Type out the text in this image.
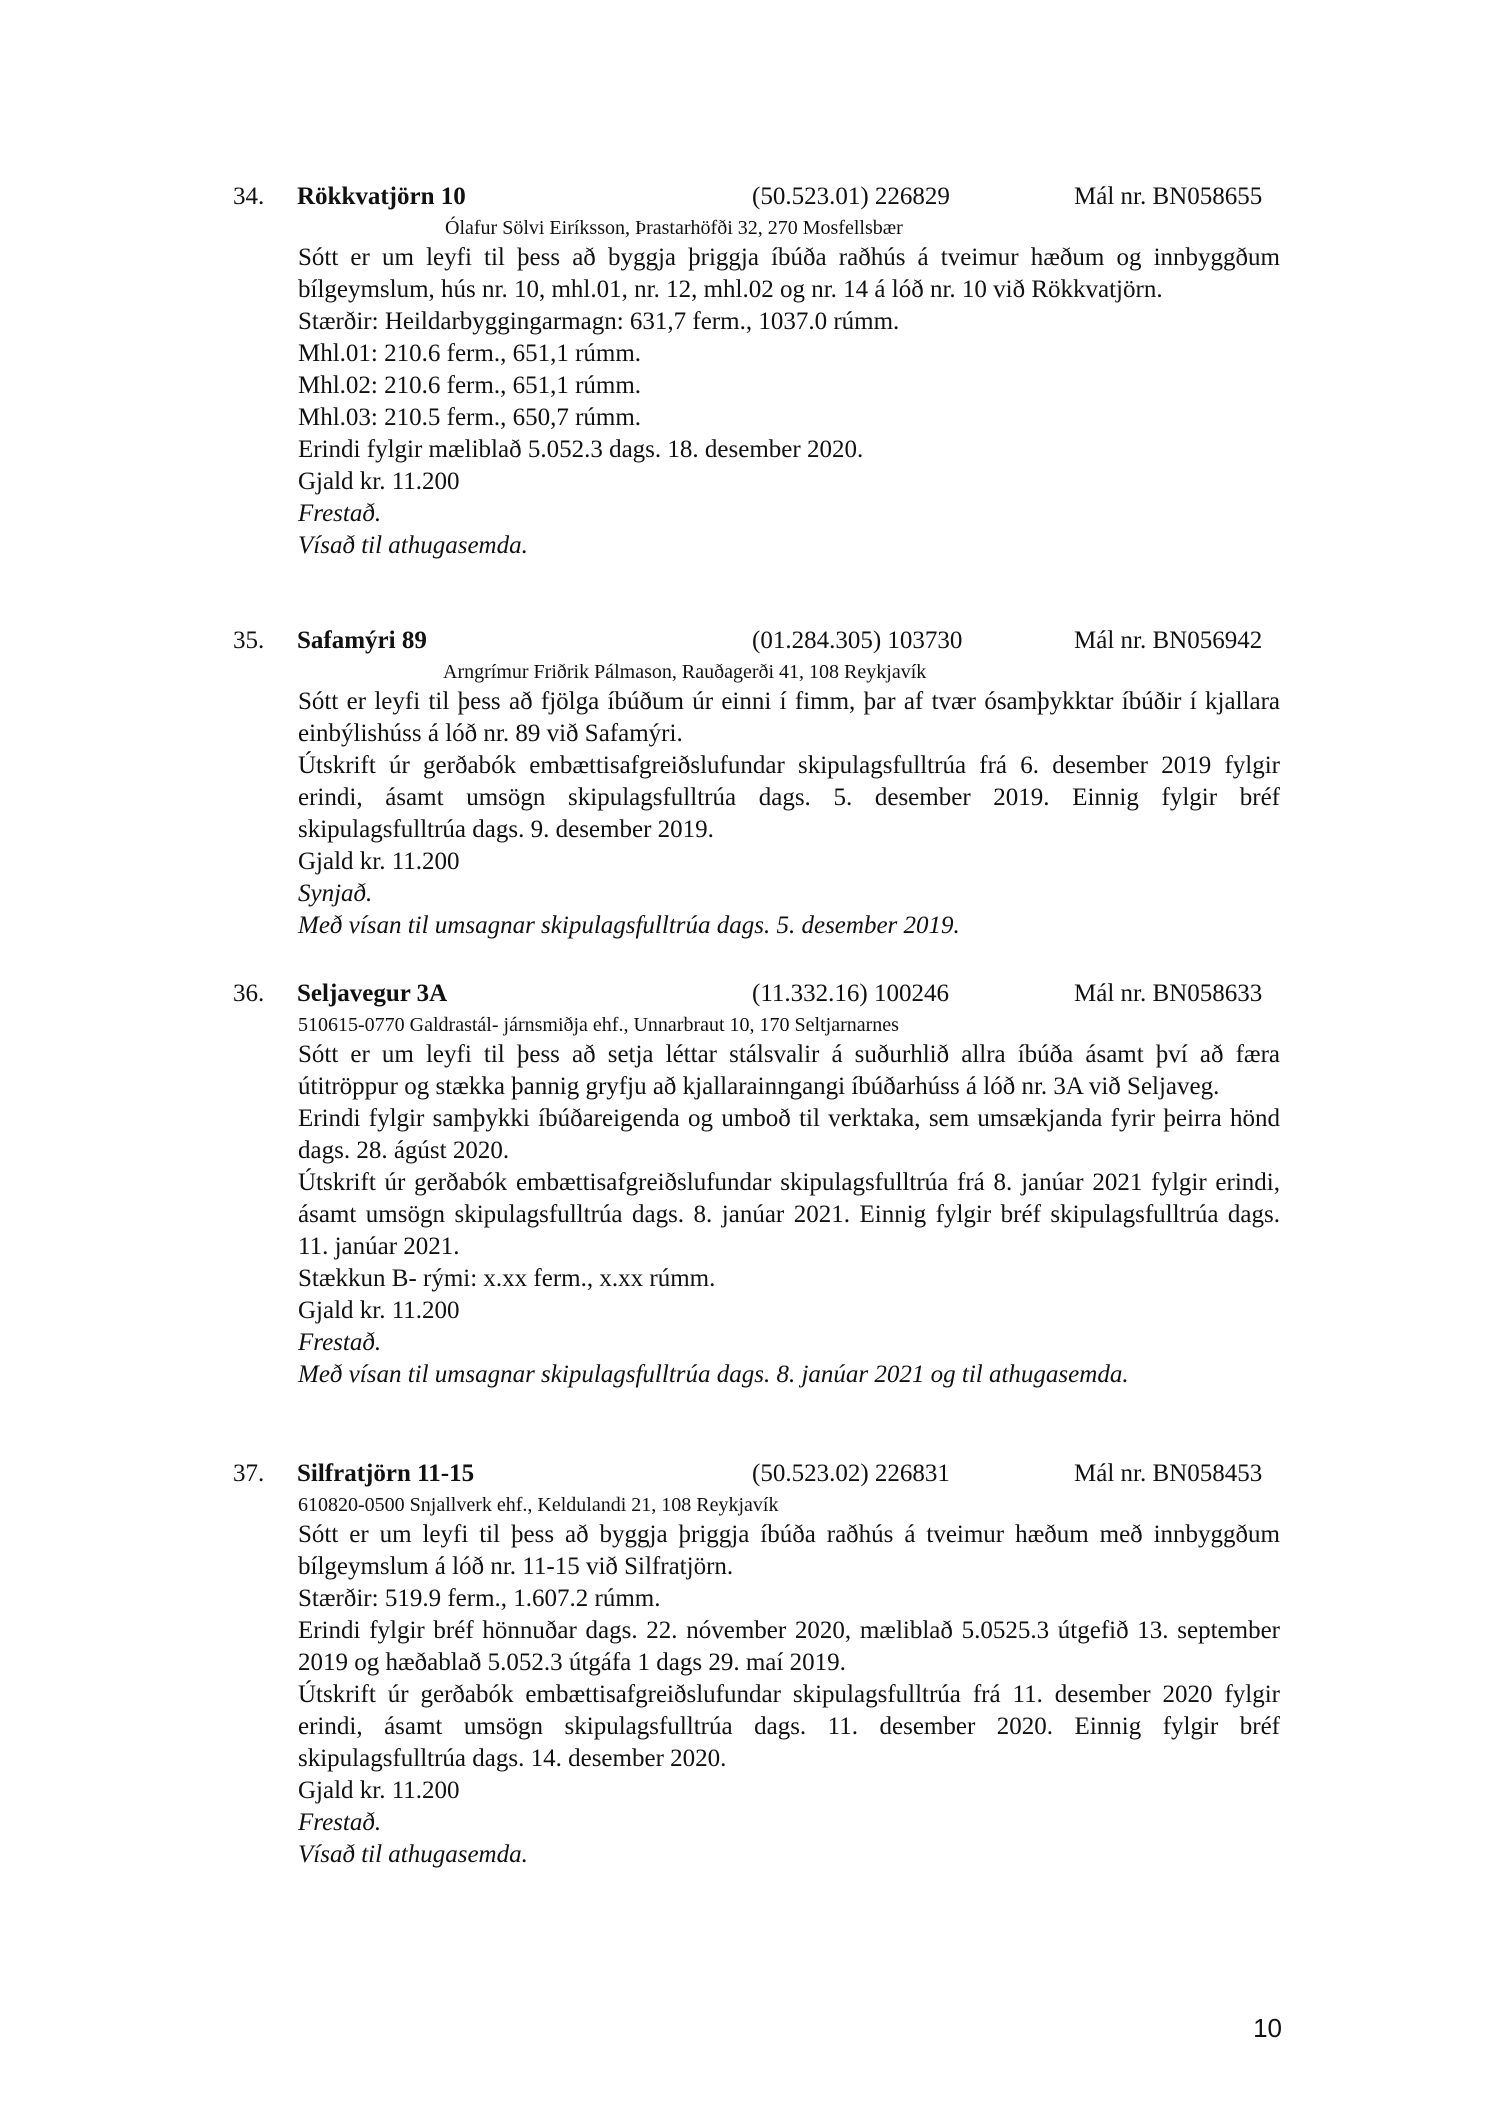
34. Rökkvatjörn 10	(50.523.01) 226829	Mál nr. BN058655
Ólafur Sölvi Eiríksson, Þrastarhöfði 32, 270 Mosfellsbær

Sótt er um leyfi til þess að byggja þriggja íbúða raðhús á tveimur hæðum og innbyggðum bílgeymslum, hús nr. 10, mhl.01, nr. 12, mhl.02 og nr. 14 á lóð nr. 10 við Rökkvatjörn.

Stærðir: Heildarbyggingarmagn: 631,7 ferm., 1037.0 rúmm.

Mhl.01: 210.6 ferm., 651,1 rúmm.

Mhl.02: 210.6 ferm., 651,1 rúmm.

Mhl.03: 210.5 ferm., 650,7 rúmm.

Erindi fylgir mæliblað 5.052.3 dags. 18. desember 2020.

Gjald kr. 11.200

Frestað.

Vísað til athugasemda.

35. Safamýri 89	(01.284.305) 103730	Mál nr. BN056942
Arngrímur Friðrik Pálmason, Rauðagerði 41, 108 Reykjavík

Sótt er leyfi til þess að fjölga íbúðum úr einni í fimm, þar af tvær ósamþykktar íbúðir í kjallara einbýlishúss á lóð nr. 89 við Safamýri.

Útskrift úr gerðabók embættisafgreiðslufundar skipulagsfulltrúa frá 6. desember 2019 fylgir erindi, ásamt umsögn skipulagsfulltrúa dags. 5. desember 2019. Einnig fylgir bréf skipulagsfulltrúa dags. 9. desember 2019.

Gjald kr. 11.200

Synjað.

Með vísan til umsagnar skipulagsfulltrúa dags. 5. desember 2019.

36. Seljavegur 3A	(11.332.16) 100246	Mál nr. BN058633
510615-0770 Galdrastál- járnsmiðja ehf., Unnarbraut 10, 170 Seltjarnarnes

Sótt er um leyfi til þess að setja léttar stálsvalir á suðurhlið allra íbúða ásamt því að færa útitröppur og stækka þannig gryfju að kjallarainngangi íbúðarhúss á lóð nr. 3A við Seljaveg.

Erindi fylgir samþykki íbúðareigenda og umboð til verktaka, sem umsækjanda fyrir þeirra hönd dags. 28. ágúst 2020.

Útskrift úr gerðabók embættisafgreiðslufundar skipulagsfulltrúa frá 8. janúar 2021 fylgir erindi, ásamt umsögn skipulagsfulltrúa dags. 8. janúar 2021. Einnig fylgir bréf skipulagsfulltrúa dags. 11. janúar 2021.

Stækkun B- rými: x.xx ferm., x.xx rúmm.

Gjald kr. 11.200

Frestað.

Með vísan til umsagnar skipulagsfulltrúa dags. 8. janúar 2021 og til athugasemda.

37. Silfratjörn 11-15	(50.523.02) 226831	Mál nr. BN058453
610820-0500 Snjallverk ehf., Keldulandi 21, 108 Reykjavík

Sótt er um leyfi til þess að byggja þriggja íbúða raðhús á tveimur hæðum með innbyggðum bílgeymslum á lóð nr. 11-15 við Silfratjörn.

Stærðir: 519.9 ferm., 1.607.2 rúmm.

Erindi fylgir bréf hönnuðar dags. 22. nóvember 2020, mæliblað 5.0525.3 útgefið 13. september 2019 og hæðablað 5.052.3 útgáfa 1 dags 29. maí 2019.

Útskrift úr gerðabók embættisafgreiðslufundar skipulagsfulltrúa frá 11. desember 2020 fylgir erindi, ásamt umsögn skipulagsfulltrúa dags. 11. desember 2020. Einnig fylgir bréf skipulagsfulltrúa dags. 14. desember 2020.

Gjald kr. 11.200

Frestað.

Vísað til athugasemda.

10
